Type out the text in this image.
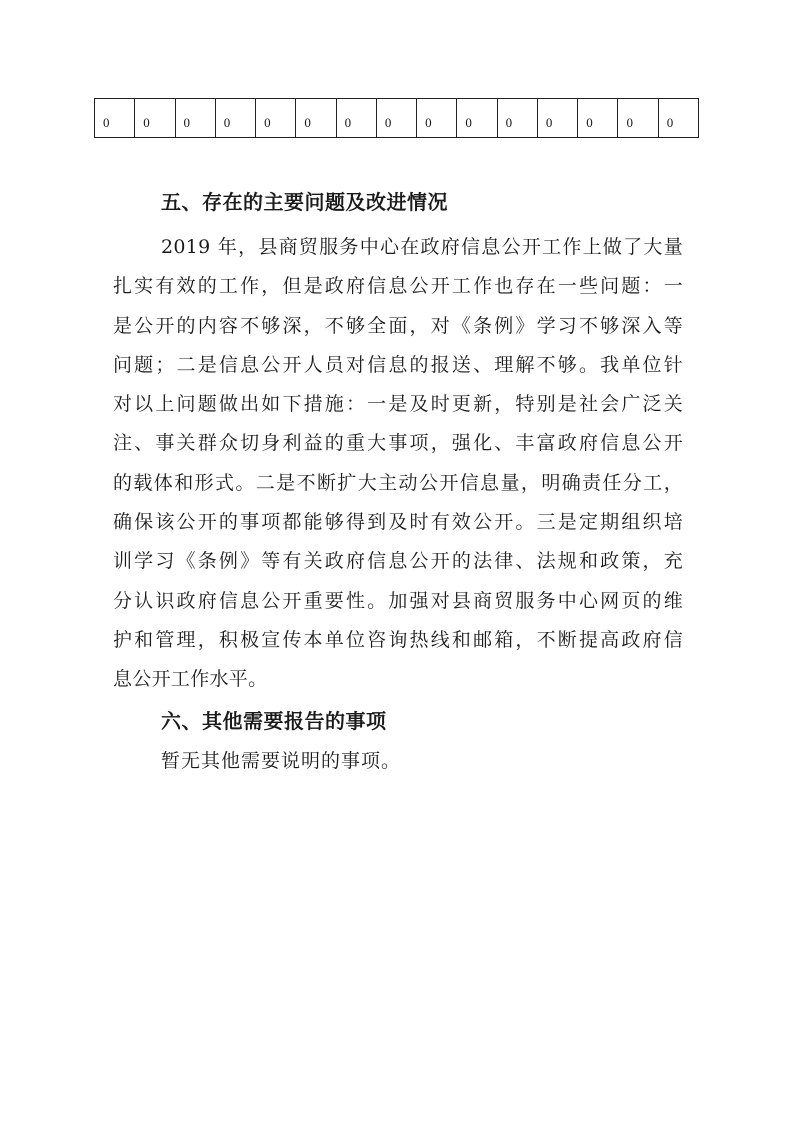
0	0	0	0	0	0	0	0	0	0	0	0	0	0	0
五、存在的主要问题及改进情况
2019 年，县商贸服务中心在政府信息公开工作上做了大量
扎实有效的工作，但是政府信息公开工作也存在一些问题：一
是公开的内容不够深，不够全面，对《条例》学习不够深入等
问题；二是信息公开人员对信息的报送、理解不够。我单位针
对以上问题做出如下措施：一是及时更新，特别是社会广泛关
注、事关群众切身利益的重大事项，强化、丰富政府信息公开
的载体和形式。二是不断扩大主动公开信息量，明确责任分工，
确保该公开的事项都能够得到及时有效公开。三是定期组织培
训学习《条例》等有关政府信息公开的法律、法规和政策，充
分认识政府信息公开重要性。加强对县商贸服务中心网页的维
护和管理，积极宣传本单位咨询热线和邮箱，不断提高政府信
息公开工作水平。
六、其他需要报告的事项

暂无其他需要说明的事项。
